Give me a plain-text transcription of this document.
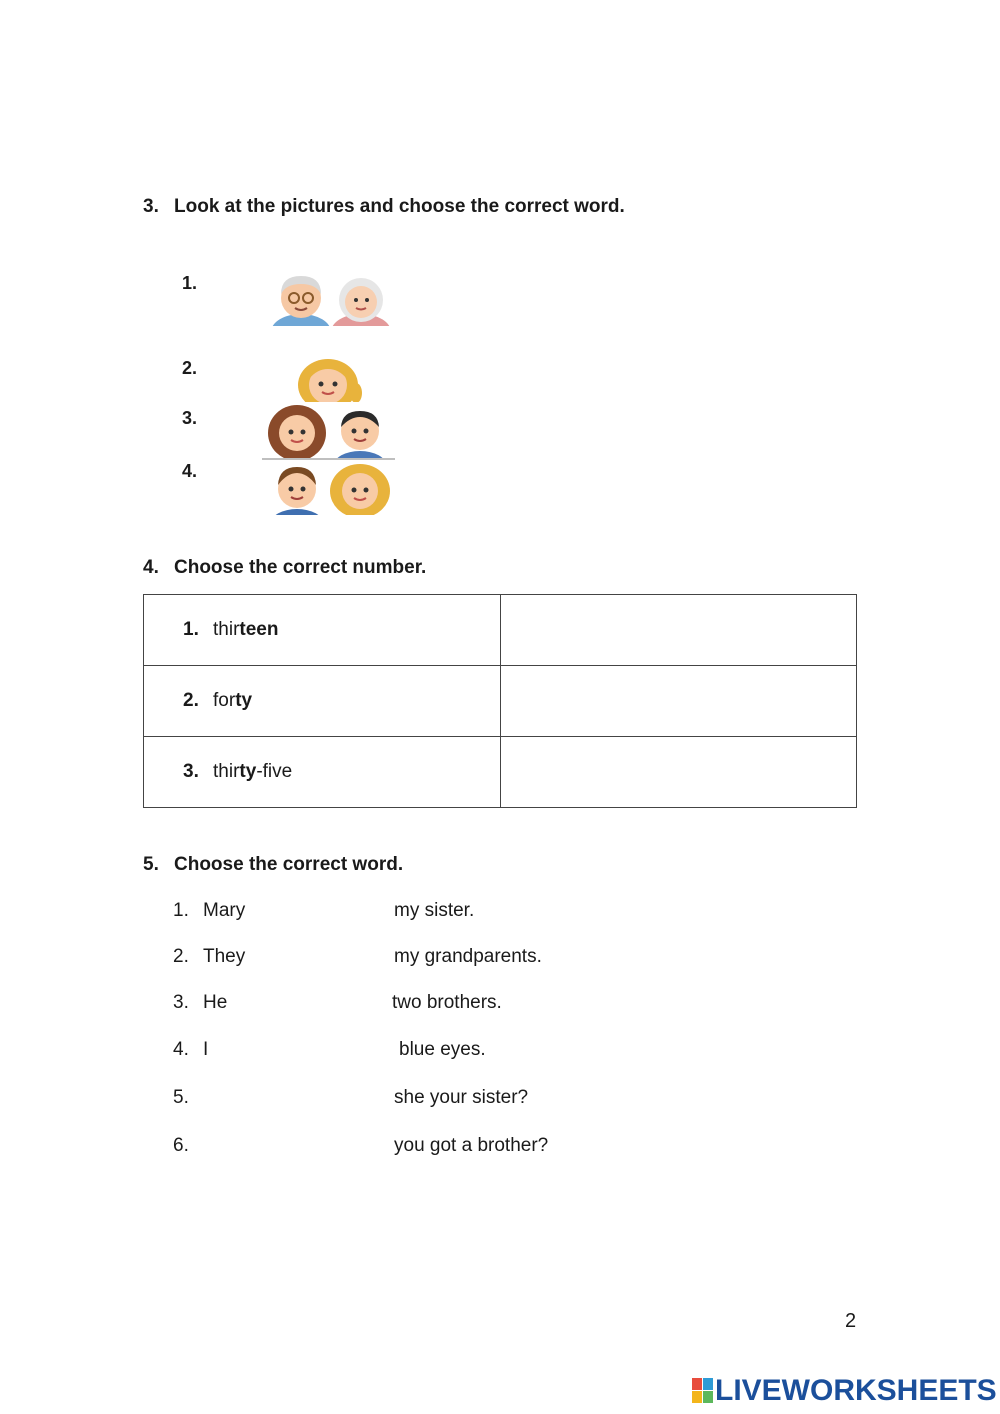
3. Look at the pictures and choose the correct word.
1.
2.
3.
4.
4. Choose the correct number.
1. thirteen	

2. forty	

3. thirty-five	

5. Choose the correct word.
1. Mary	my sister.
2. They	my grandparents.
3. He	two brothers.
4. I	blue eyes.
5.	she your sister?
6.	you got a brother?
2
LIVEWORKSHEETS
